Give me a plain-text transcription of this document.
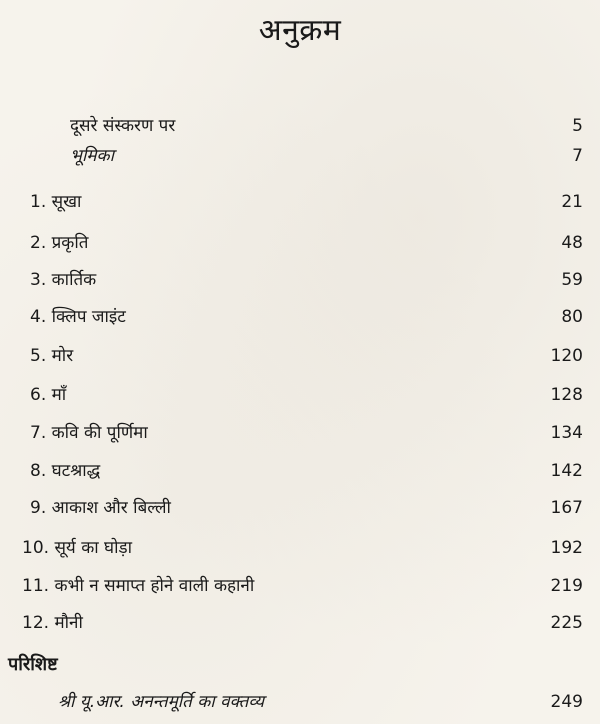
अनुक्रम
दूसरे संस्करण पर	5
भूमिका	7
1. सूखा	21
2. प्रकृति	48
3. कार्तिक	59
4. क्लिप जाइंट	80
5. मोर	120
6. माँ	128
7. कवि की पूर्णिमा	134
8. घटश्राद्ध	142
9. आकाश और बिल्ली	167
10. सूर्य का घोड़ा	192
11. कभी न समाप्त होने वाली कहानी	219
12. मौनी	225
परिशिष्ट
श्री यू.आर. अनन्तमूर्ति का वक्तव्य	249
